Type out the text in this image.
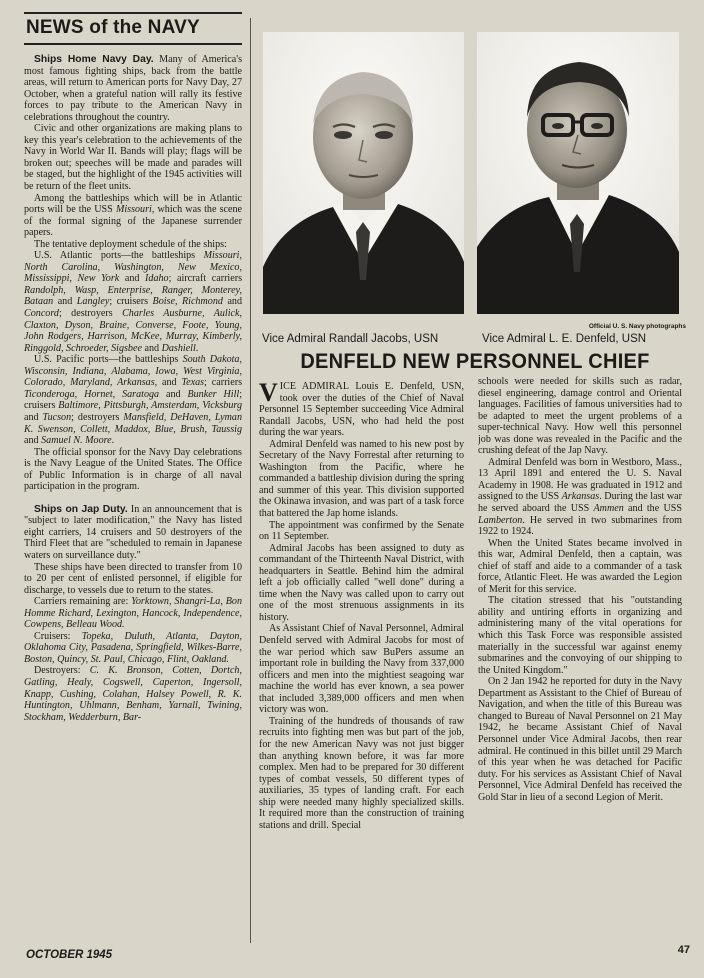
NEWS of the NAVY

Ships Home Navy Day. Many of America's most famous fighting ships, back from the battle areas, will return to American ports for Navy Day, 27 October, when a grateful nation will rally its festive forces to pay tribute to the American Navy in celebrations throughout the country.

Civic and other organizations are making plans to key this year's celebration to the achievements of the Navy in World War II. Bands will play; flags will be broken out; speeches will be made and parades will be staged, but the highlight of the 1945 activities will be return of the fleet units.

Among the battleships which will be in Atlantic ports will be the USS Missouri, which was the scene of the formal signing of the Japanese surrender papers.

The tentative deployment schedule of the ships:

U.S. Atlantic ports—the battleships Missouri, North Carolina, Washington, New Mexico, Mississippi, New York and Idaho; aircraft carriers Randolph, Wasp, Enterprise, Ranger, Monterey, Bataan and Langley; cruisers Boise, Richmond and Concord; destroyers Charles Ausburne, Aulick, Claxton, Dyson, Braine, Converse, Foote, Young, John Rodgers, Harrison, McKee, Murray, Kimberly, Ringgold, Schroeder, Sigsbee and Dashiell.

U.S. Pacific ports—the battleships South Dakota, Wisconsin, Indiana, Alabama, Iowa, West Virginia, Colorado, Maryland, Arkansas, and Texas; carriers Ticonderoga, Hornet, Saratoga and Bunker Hill; cruisers Baltimore, Pittsburgh, Amsterdam, Vicksburg and Tucson; destroyers Mansfield, DeHaven, Lyman K. Swenson, Collett, Maddox, Blue, Brush, Taussig and Samuel N. Moore.

The official sponsor for the Navy Day celebrations is the Navy League of the United States. The Office of Public Information is in charge of all naval participation in the program.

Ships on Jap Duty. In an announcement that is "subject to later modification," the Navy has listed eight carriers, 14 cruisers and 50 destroyers of the Third Fleet that are "scheduled to remain in Japanese waters on surveillance duty."

These ships have been directed to transfer from 10 to 20 per cent of enlisted personnel, if eligible for discharge, to vessels due to return to the states.

Carriers remaining are: Yorktown, Shangri-La, Bon Homme Richard, Lexington, Hancock, Independence, Cowpens, Belleau Wood.

Cruisers: Topeka, Duluth, Atlanta, Dayton, Oklahoma City, Pasadena, Springfield, Wilkes-Barre, Boston, Quincy, St. Paul, Chicago, Flint, Oakland.

Destroyers: C. K. Bronson, Cotten, Dortch, Gatling, Healy, Cogswell, Caperton, Ingersoll, Knapp, Cushing, Colahan, Halsey Powell, R. K. Huntington, Uhlmann, Benham, Yarnall, Twining, Stockham, Wedderburn, Bar-

Official U. S. Navy photographs
Vice Admiral Randall Jacobs, USN	Vice Admiral L. E. Denfeld, USN
DENFELD NEW PERSONNEL CHIEF

VICE ADMIRAL Louis E. Denfeld, USN, took over the duties of the Chief of Naval Personnel 15 September succeeding Vice Admiral Randall Jacobs, USN, who had held the post during the war years.

Admiral Denfeld was named to his new post by Secretary of the Navy Forrestal after returning to Washington from the Pacific, where he commanded a battleship division during the spring and summer of this year. This division supported the Okinawa invasion, and was part of a task force that battered the Jap home islands.

The appointment was confirmed by the Senate on 11 September.

Admiral Jacobs has been assigned to duty as commandant of the Thirteenth Naval District, with headquarters in Seattle. Behind him the admiral left a job officially called "well done" during a time when the Navy was called upon to carry out one of the most strenuous assignments in its history.

As Assistant Chief of Naval Personnel, Admiral Denfeld served with Admiral Jacobs for most of the war period which saw BuPers assume an important role in building the Navy from 337,000 officers and men into the mightiest seagoing war machine the world has ever known, a sea power that included 3,389,000 officers and men when victory was won.

Training of the hundreds of thousands of raw recruits into fighting men was but part of the job, for the new American Navy was not just bigger than anything known before, it was far more complex. Men had to be prepared for 30 different types of combat vessels, 50 different types of auxiliaries, 35 types of landing craft. For each ship were needed many highly specialized skills. It required more than the construction of training stations and drill. Special

schools were needed for skills such as radar, diesel engineering, damage control and Oriental languages. Facilities of famous universities had to be adapted to meet the urgent problems of a super-technical Navy. How well this personnel job was done was revealed in the Pacific and the crushing defeat of the Jap Navy.

Admiral Denfeld was born in Westboro, Mass., 13 April 1891 and entered the U. S. Naval Academy in 1908. He was graduated in 1912 and assigned to the USS Arkansas. During the last war he served aboard the USS Ammen and the USS Lamberton. He served in two submarines from 1922 to 1924.

When the United States became involved in this war, Admiral Denfeld, then a captain, was chief of staff and aide to a commander of a task force, Atlantic Fleet. He was awarded the Legion of Merit for this service.

The citation stressed that his "outstanding ability and untiring efforts in organizing and administering many of the vital operations for which this Task Force was responsible assisted materially in the successful war against enemy submarines and the convoying of our shipping to the United Kingdom."

On 2 Jan 1942 he reported for duty in the Navy Department as Assistant to the Chief of Bureau of Navigation, and when the title of this Bureau was changed to Bureau of Naval Personnel on 21 May 1942, he became Assistant Chief of Naval Personnel under Vice Admiral Jacobs, then rear admiral. He continued in this billet until 29 March of this year when he was detached for Pacific duty. For his services as Assistant Chief of Naval Personnel, Vice Admiral Denfeld has received the Gold Star in lieu of a second Legion of Merit.

OCTOBER 1945	47
